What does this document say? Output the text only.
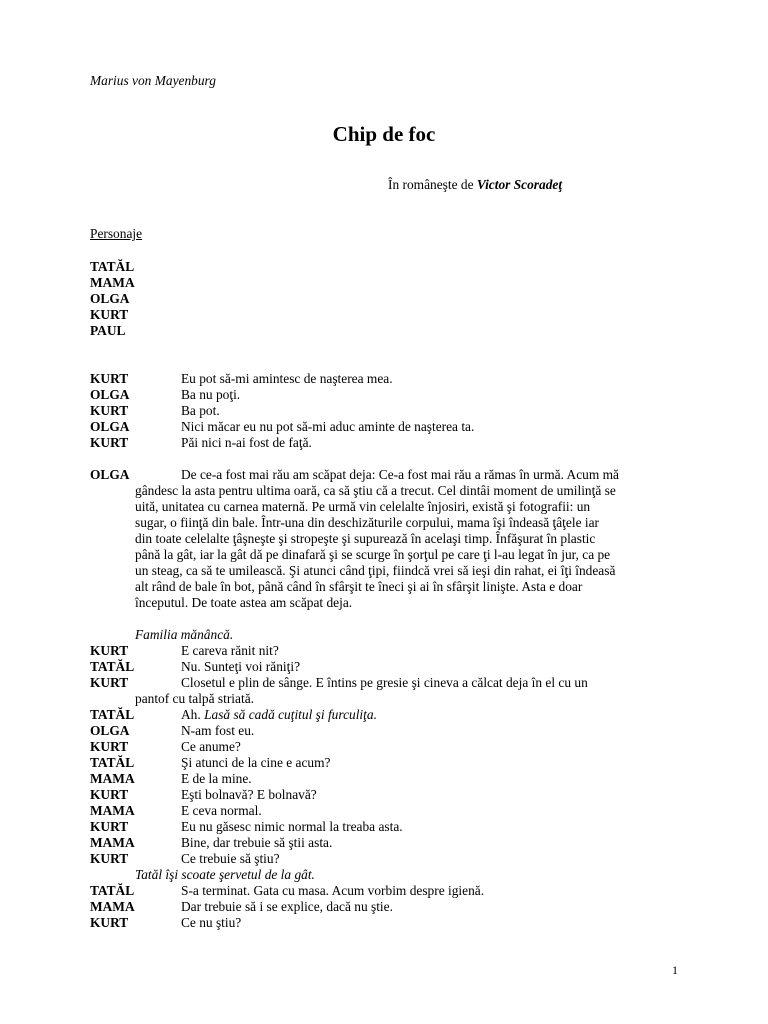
Marius von Mayenburg
Chip de foc
În româneşte de Victor Scoradeţ
Personaje
TATĂL
MAMA
OLGA
KURT
PAUL
KURT	Eu pot să-mi amintesc de naşterea mea.
OLGA	Ba nu poţi.
KURT	Ba pot.
OLGA	Nici măcar eu nu pot să-mi aduc aminte de naşterea ta.
KURT	Păi nici n-ai fost de faţă.
OLGA	De ce-a fost mai rău am scăpat deja: Ce-a fost mai rău a rămas în urmă. Acum mă
gândesc la asta pentru ultima oară, ca să ştiu că a trecut. Cel dintâi moment de umilinţă se
uită, unitatea cu carnea maternă. Pe urmă vin celelalte înjosiri, există şi fotografii: un
sugar, o fiinţă din bale. Într-una din deschizăturile corpului, mama îşi îndeasă ţâţele iar
din toate celelalte ţâşneşte şi stropeşte şi supurează în acelaşi timp. Înfăşurat în plastic
până la gât, iar la gât dă pe dinafară şi se scurge în şorţul pe care ţi l-au legat în jur, ca pe
un steag, ca să te umilească. Şi atunci când ţipi, fiindcă vrei să ieşi din rahat, ei îţi îndeasă
alt rând de bale în bot, până când în sfârşit te îneci şi ai în sfârşit linişte. Asta e doar
începutul. De toate astea am scăpat deja.
Familia mănâncă.
KURT	E careva rănit nit?
TATĂL	Nu. Sunteţi voi răniţi?
KURT	Closetul e plin de sânge. E întins pe gresie şi cineva a călcat deja în el cu un
pantof cu talpă striată.
TATĂL	Ah. Lasă să cadă cuţitul şi furculiţa.
OLGA	N-am fost eu.
KURT	Ce anume?
TATĂL	Şi atunci de la cine e acum?
MAMA	E de la mine.
KURT	Eşti bolnavă? E bolnavă?
MAMA	E ceva normal.
KURT	Eu nu găsesc nimic normal la treaba asta.
MAMA	Bine, dar trebuie să ştii asta.
KURT	Ce trebuie să ştiu?
Tatăl îşi scoate şervetul de la gât.
TATĂL	S-a terminat. Gata cu masa. Acum vorbim despre igienă.
MAMA	Dar trebuie să i se explice, dacă nu ştie.
KURT	Ce nu ştiu?
1
